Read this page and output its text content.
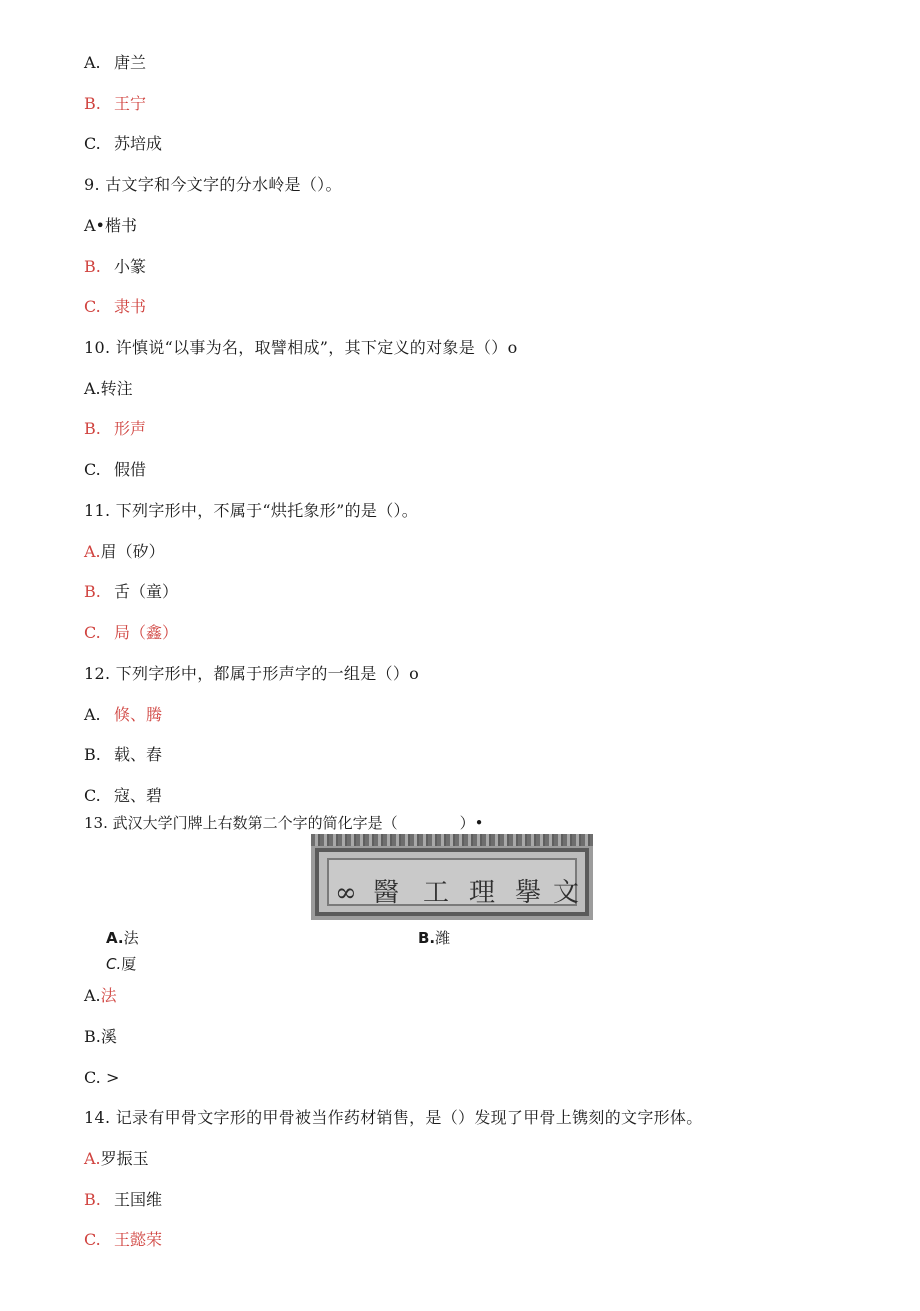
A. 唐兰
B. 王宁
C. 苏培成
9. 古文字和今文字的分水岭是（）。
A•楷书
B. 小篆
C. 隶书
10. 许慎说“以事为名，取譬相成”，其下定义的对象是（）o
A.转注
B. 形声
C. 假借
11. 下列字形中，不属于“烘托象形”的是（）。
A.眉（矽）
B. 舌（童）
C. 局（鑫）
12. 下列字形中，都属于形声字的一组是（）o
A. 倏、腾
B. 载、舂
C. 寇、碧
13. 武汉大学门牌上右数第二个字的简化字是（	）•
∞ 醫 工 理 擧 文
A.法	B.潍
C.厦
A.法
B.溪
C. >
14. 记录有甲骨文字形的甲骨被当作药材销售，是（）发现了甲骨上镌刻的文字形体。
A.罗振玉
B. 王国维
C. 王懿荣
